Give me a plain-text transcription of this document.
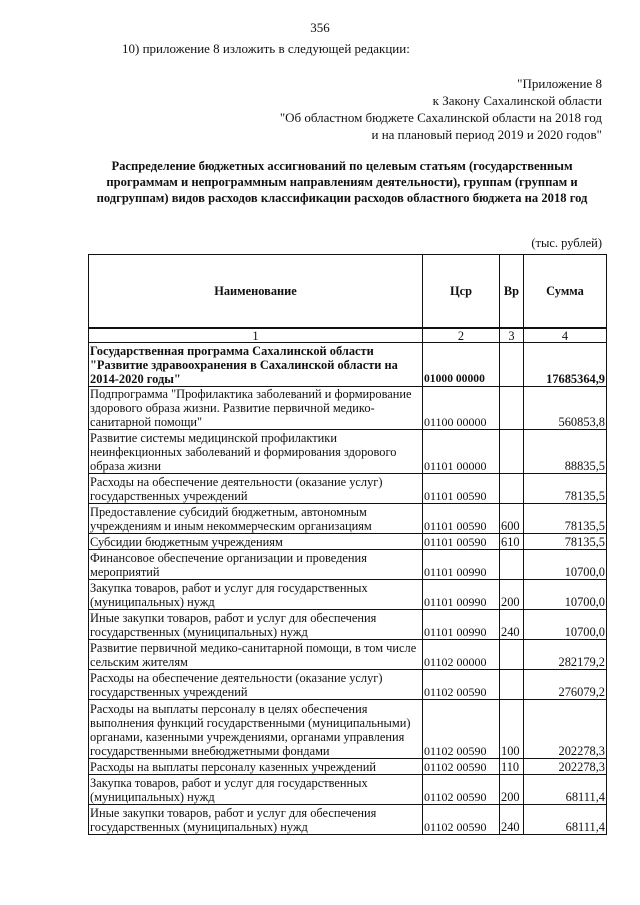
356
10) приложение 8 изложить в следующей редакции:
"Приложение 8
к Закону Сахалинской области
"Об областном бюджете Сахалинской области на 2018 год
и на плановый период 2019 и 2020 годов"
Распределение бюджетных ассигнований по целевым статьям (государственным
программам и непрограммным направлениям деятельности), группам (группам и
подгруппам) видов расходов классификации расходов областного бюджета на 2018 год
(тыс. рублей)
Наименование	Цср	Вр	Сумма
1	2	3	4
Государственная программа Сахалинской области "Развитие здравоохранения в Сахалинской области на 2014-2020 годы"	01000 00000		17685364,9
Подпрограмма "Профилактика заболеваний и формирование здорового образа жизни. Развитие первичной медико-санитарной помощи"	01100 00000		560853,8
Развитие системы медицинской профилактики неинфекционных заболеваний и формирования здорового образа жизни	01101 00000		88835,5
Расходы на обеспечение деятельности (оказание услуг) государственных учреждений	01101 00590		78135,5
Предоставление субсидий бюджетным, автономным учреждениям и иным некоммерческим организациям	01101 00590	600	78135,5
Субсидии бюджетным учреждениям	01101 00590	610	78135,5
Финансовое обеспечение организации и проведения мероприятий	01101 00990		10700,0
Закупка товаров, работ и услуг для государственных (муниципальных) нужд	01101 00990	200	10700,0
Иные закупки товаров, работ и услуг для обеспечения государственных (муниципальных) нужд	01101 00990	240	10700,0
Развитие первичной медико-санитарной помощи, в том числе сельским жителям	01102 00000		282179,2
Расходы на обеспечение деятельности (оказание услуг) государственных учреждений	01102 00590		276079,2
Расходы на выплаты персоналу в целях обеспечения выполнения функций государственными (муниципальными) органами, казенными учреждениями, органами управления государственными внебюджетными фондами	01102 00590	100	202278,3
Расходы на выплаты персоналу казенных учреждений	01102 00590	110	202278,3
Закупка товаров, работ и услуг для государственных (муниципальных) нужд	01102 00590	200	68111,4
Иные закупки товаров, работ и услуг для обеспечения государственных (муниципальных) нужд	01102 00590	240	68111,4
